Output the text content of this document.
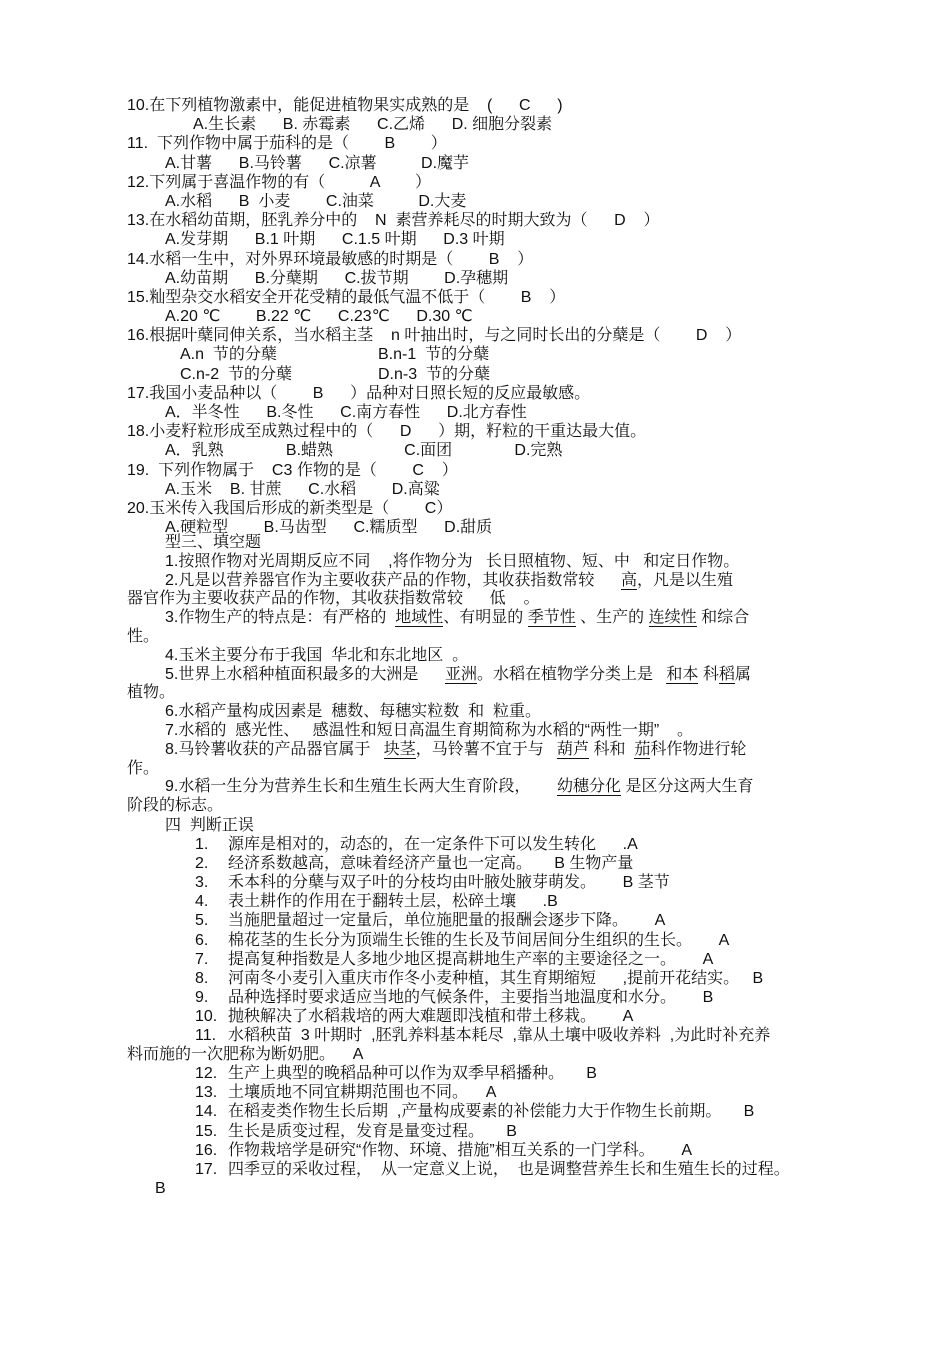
10.在下列植物激素中，能促进植物果实成熟的是    (      C      )
A.生长素      B. 赤霉素      C.乙烯      D. 细胞分裂素
11.  下列作物中属于茄科的是（        B        ）
A.甘薯      B.马铃薯      C.凉薯          D.魔芋
12.下列属于喜温作物的有（          A        ）
A.水稻      B  小麦        C.油菜          D.大麦
13.在水稻幼苗期，胚乳养分中的    N  素营养耗尽的时期大致为（      D    ）
A.发芽期      B.1 叶期      C.1.5 叶期      D.3 叶期
14.水稻一生中，对外界环境最敏感的时期是（        B    ）
A.幼苗期      B.分蘖期      C.拔节期        D.孕穗期
15.籼型杂交水稻安全开花受精的最低气温不低于（        B    ）
A.20 ℃        B.22 ℃      C.23℃      D.30 ℃
16.根据叶蘖同伸关系，当水稻主茎    n 叶抽出时，与之同时长出的分蘖是（        D    ）
A.n  节的分蘖	B.n-1  节的分蘖
C.n-2  节的分蘖	D.n-3  节的分蘖
17.我国小麦品种以（        B      ）品种对日照长短的反应最敏感。
A．半冬性      B.冬性      C.南方春性      D.北方春性
18.小麦籽粒形成至成熟过程中的（      D      ）期，籽粒的干重达最大值。
A．乳熟              B.蜡熟                C.面团              D.完熟
19.  下列作物属于    C3 作物的是（        C    ）
A.玉米    B. 甘蔗      C.水稻        D.高粱
20.玉米传入我国后形成的新类型是（        C）
A.硬粒型        B.马齿型      C.糯质型      D.甜质
型三、填空题
1.按照作物对光周期反应不同    ,将作物分为   长日照植物、短、中   和定日作物。
2.凡是以营养器官作为主要收获产品的作物，其收获指数常较      高，凡是以生殖
器官作为主要收获产品的作物，其收获指数常较      低    。
3.作物生产的特点是：有严格的  地域性、有明显的 季节性 、生产的 连续性 和综合
性。
4.玉米主要分布于我国  华北和东北地区  。
5.世界上水稻种植面积最多的大洲是      亚洲。水稻在植物学分类上是   和本 科稻属
植物。
6.水稻产量构成因素是  穗数、每穗实粒数  和  粒重。
7.水稻的  感光性、   感温性和短日高温生育期简称为水稻的“两性一期”    。
8.马铃薯收获的产品器官属于   块茎，马铃薯不宜于与   葫芦 科和  茄科作物进行轮
作。
9.水稻一生分为营养生长和生殖生长两大生育阶段，      幼穗分化 是区分这两大生育
阶段的标志。
四  判断正误
1. 源库是相对的，动态的，在一定条件下可以发生转化      .A
2. 经济系数越高，意味着经济产量也一定高。     B 生物产量
3. 禾本科的分蘖与双子叶的分枝均由叶腋处腋芽萌发。      B 茎节
4. 表土耕作的作用在于翻转土层，松碎土壤      .B
5. 当施肥量超过一定量后，单位施肥量的报酬会逐步下降。      A
6. 棉花茎的生长分为顶端生长锥的生长及节间居间分生组织的生长。      A
7. 提高复种指数是人多地少地区提高耕地生产率的主要途径之一。      A
8. 河南冬小麦引入重庆市作冬小麦种植，其生育期缩短      ,提前开花结实。   B
9. 品种选择时要求适应当地的气候条件，主要指当地温度和水分。      B
10. 抛秧解决了水稻栽培的两大难题即浅植和带土移栽。      A
11. 水稻秧苗  3 叶期时  ,胚乳养料基本耗尽  ,靠从土壤中吸收养料  ,为此时补充养
料而施的一次肥称为断奶肥。    A
12. 生产上典型的晚稻品种可以作为双季早稻播种。     B
13. 土壤质地不同宜耕期范围也不同。    A
14. 在稻麦类作物生长后期  ,产量构成要素的补偿能力大于作物生长前期。     B
15. 生长是质变过程，发育是量变过程。     B
16. 作物栽培学是研究“作物、环境、措施”相互关系的一门学科。      A
17. 四季豆的采收过程，  从一定意义上说，  也是调整营养生长和生殖生长的过程。
B
